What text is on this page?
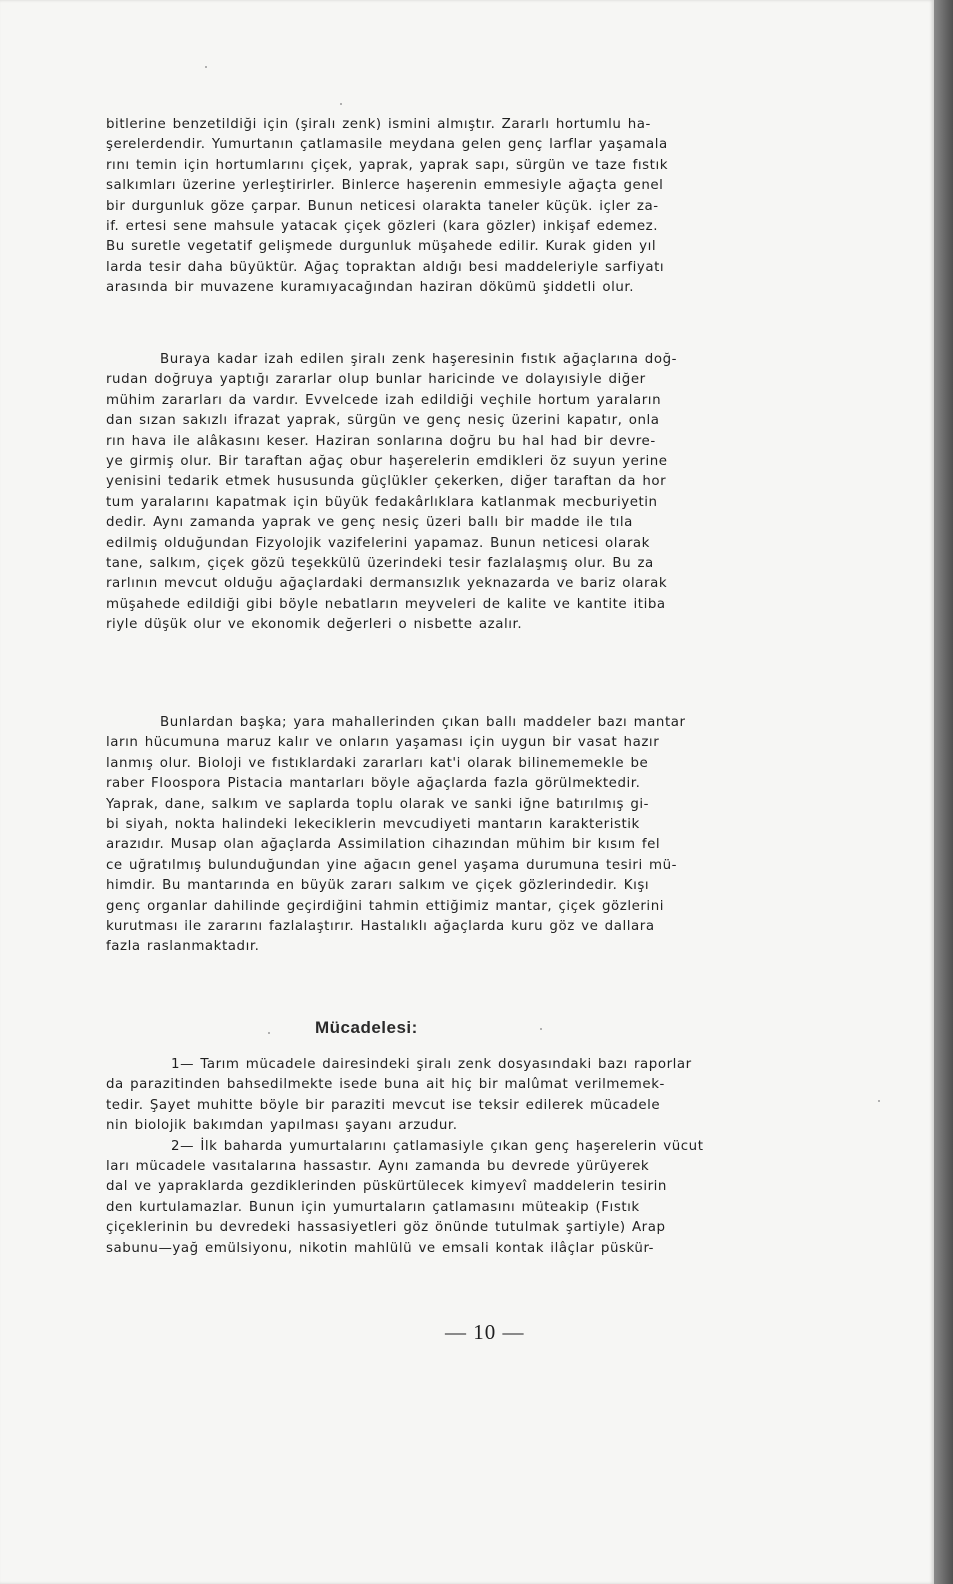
bitlerine benzetildiği için (şiralı zenk) ismini almıştır. Zararlı hortumlu ha-
şerelerdendir. Yumurtanın çatlamasile meydana gelen genç larflar yaşamala
rını temin için hortumlarını çiçek, yaprak, yaprak sapı, sürgün ve taze fıstık
salkımları üzerine yerleştirirler. Binlerce haşerenin emmesiyle ağaçta genel
bir durgunluk göze çarpar. Bunun neticesi olarakta taneler küçük. içler za-
if. ertesi sene mahsule yatacak çiçek gözleri (kara gözler) inkişaf edemez.
Bu suretle vegetatif gelişmede durgunluk müşahede edilir. Kurak giden yıl
larda tesir daha büyüktür. Ağaç topraktan aldığı besi maddeleriyle sarfiyatı
arasında bir muvazene kuramıyacağından haziran dökümü şiddetli olur.
Buraya kadar izah edilen şiralı zenk haşeresinin fıstık ağaçlarına doğ-
rudan doğruya yaptığı zararlar olup bunlar haricinde ve dolayısiyle diğer
mühim zararları da vardır. Evvelcede izah edildiği veçhile hortum yaraların
dan sızan sakızlı ifrazat yaprak, sürgün ve genç nesiç üzerini kapatır, onla
rın hava ile alâkasını keser. Haziran sonlarına doğru bu hal had bir devre-
ye girmiş olur. Bir taraftan ağaç obur haşerelerin emdikleri öz suyun yerine
yenisini tedarik etmek hususunda güçlükler çekerken, diğer taraftan da hor
tum yaralarını kapatmak için büyük fedakârlıklara katlanmak mecburiyetin
dedir. Aynı zamanda yaprak ve genç nesiç üzeri ballı bir madde ile tıla
edilmiş olduğundan Fizyolojik vazifelerini yapamaz. Bunun neticesi olarak
tane, salkım, çiçek gözü teşekkülü üzerindeki tesir fazlalaşmış olur. Bu za
rarlının mevcut olduğu ağaçlardaki dermansızlık yeknazarda ve bariz olarak
müşahede edildiği gibi böyle nebatların meyveleri de kalite ve kantite itiba
riyle düşük olur ve ekonomik değerleri o nisbette azalır.
Bunlardan başka; yara mahallerinden çıkan ballı maddeler bazı mantar
ların hücumuna maruz kalır ve onların yaşaması için uygun bir vasat hazır
lanmış olur. Bioloji ve fıstıklardaki zararları kat'i olarak bilinememekle be
raber Floospora Pistacia mantarları böyle ağaçlarda fazla görülmektedir.
Yaprak, dane, salkım ve saplarda toplu olarak ve sanki iğne batırılmış gi-
bi siyah, nokta halindeki lekeciklerin mevcudiyeti mantarın karakteristik
arazıdır. Musap olan ağaçlarda Assimilation cihazından mühim bir kısım fel
ce uğratılmış bulunduğundan yine ağacın genel yaşama durumuna tesiri mü-
himdir. Bu mantarında en büyük zararı salkım ve çiçek gözlerindedir. Kışı
genç organlar dahilinde geçirdiğini tahmin ettiğimiz mantar, çiçek gözlerini
kurutması ile zararını fazlalaştırır. Hastalıklı ağaçlarda kuru göz ve dallara
fazla raslanmaktadır.
Mücadelesi:
1— Tarım mücadele dairesindeki şiralı zenk dosyasındaki bazı raporlar
da parazitinden bahsedilmekte isede buna ait hiç bir malûmat verilmemek-
tedir. Şayet muhitte böyle bir paraziti mevcut ise teksir edilerek mücadele
nin biolojik bakımdan yapılması şayanı arzudur.
2— İlk baharda yumurtalarını çatlamasiyle çıkan genç haşerelerin vücut
ları mücadele vasıtalarına hassastır. Aynı zamanda bu devrede yürüyerek
dal ve yapraklarda gezdiklerinden püskürtülecek kimyevî maddelerin tesirin
den kurtulamazlar. Bunun için yumurtaların çatlamasını müteakip (Fıstık
çiçeklerinin bu devredeki hassasiyetleri göz önünde tutulmak şartiyle) Arap
sabunu—yağ emülsiyonu, nikotin mahlülü ve emsali kontak ilâçlar püskür-
— 10 —
